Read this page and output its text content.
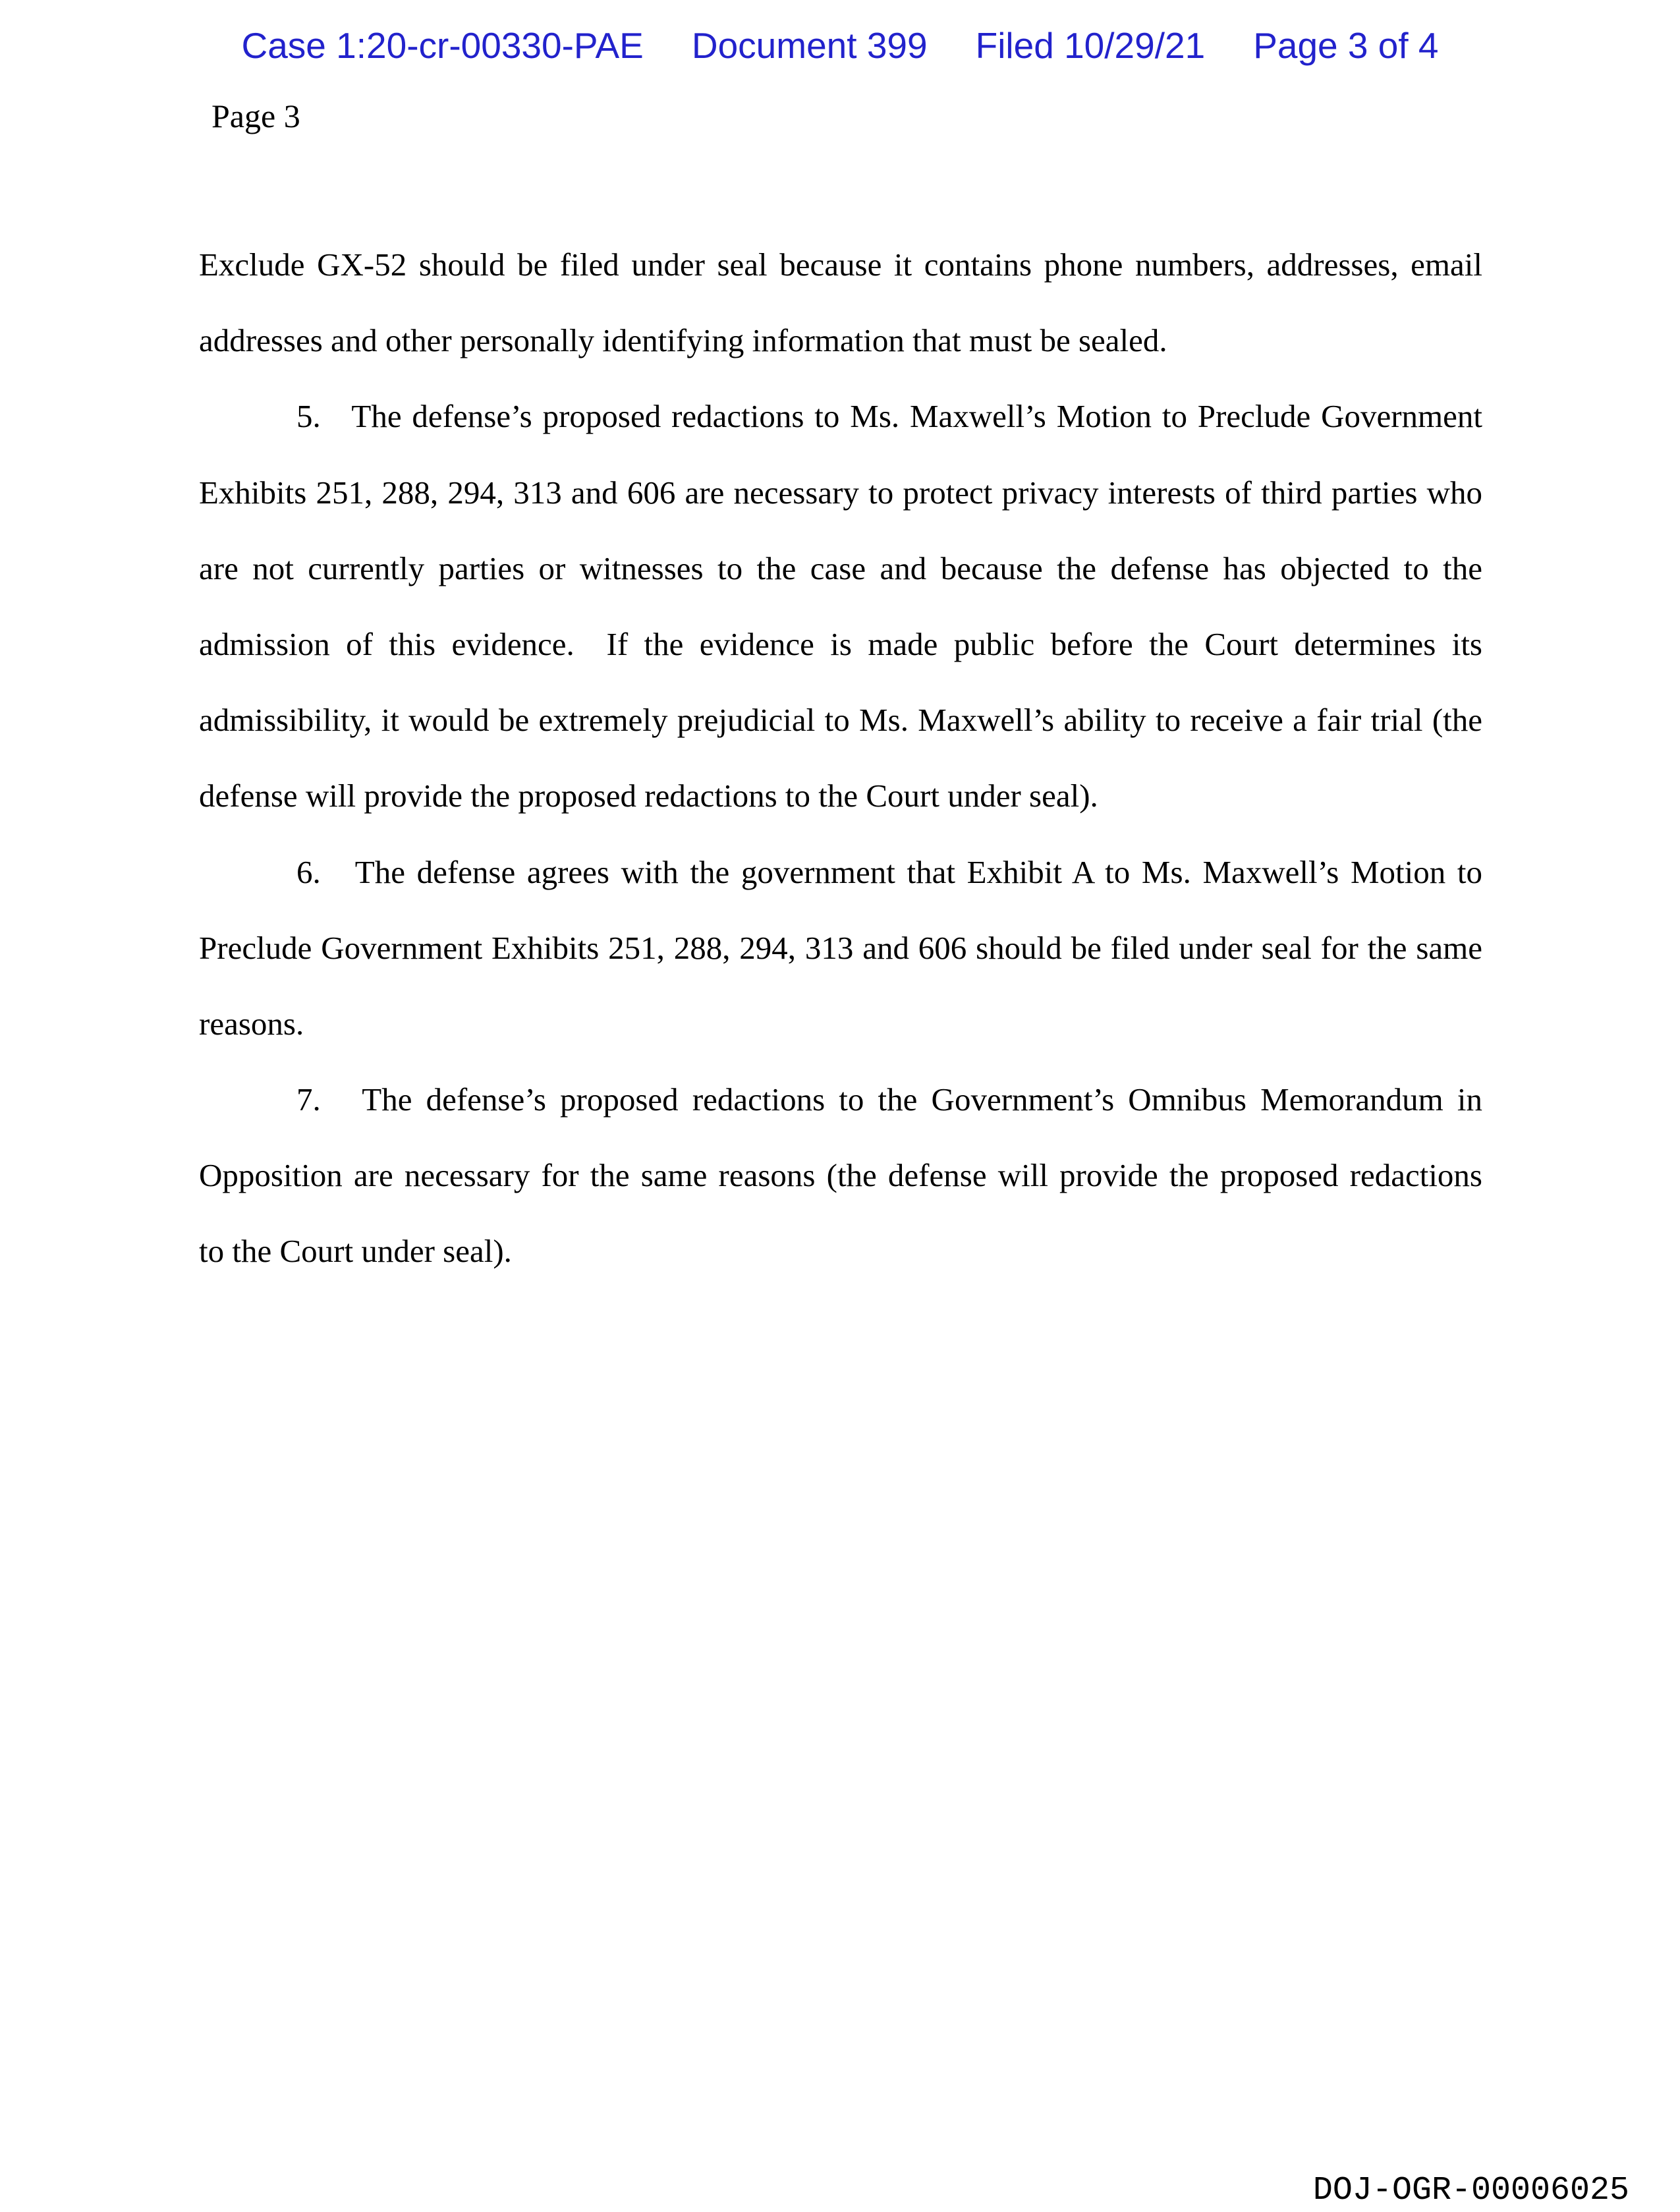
Case 1:20-cr-00330-PAE Document 399 Filed 10/29/21 Page 3 of 4
Page 3
Exclude GX-52 should be filed under seal because it contains phone numbers, addresses, email
addresses and other personally identifying information that must be sealed.
5.   The defense’s proposed redactions to Ms. Maxwell’s Motion to Preclude Government
Exhibits 251, 288, 294, 313 and 606 are necessary to protect privacy interests of third parties who
are not currently parties or witnesses to the case and because the defense has objected to the
admission of this evidence.  If the evidence is made public before the Court determines its
admissibility, it would be extremely prejudicial to Ms. Maxwell’s ability to receive a fair trial (the
defense will provide the proposed redactions to the Court under seal).
6.   The defense agrees with the government that Exhibit A to Ms. Maxwell’s Motion to
Preclude Government Exhibits 251, 288, 294, 313 and 606 should be filed under seal for the same
reasons.
7.   The defense’s proposed redactions to the Government’s Omnibus Memorandum in
Opposition are necessary for the same reasons (the defense will provide the proposed redactions
to the Court under seal).
DOJ-OGR-00006025
